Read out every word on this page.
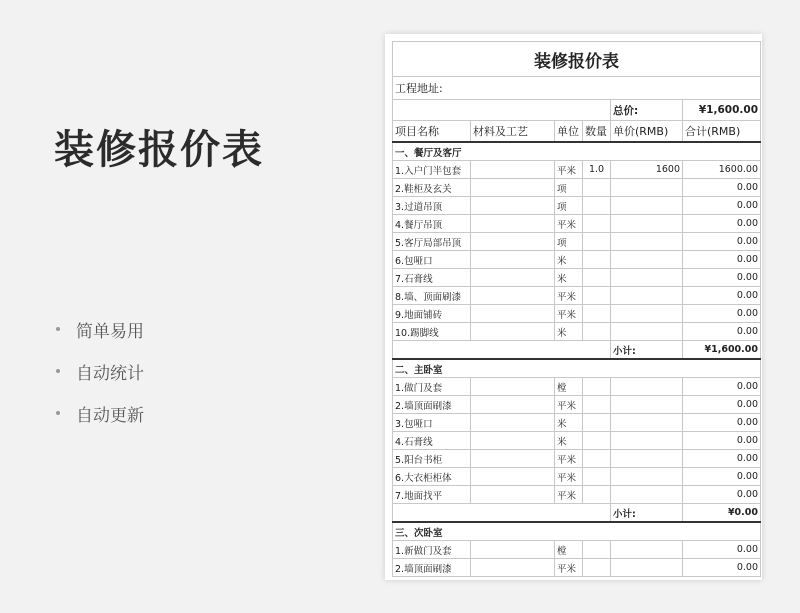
装修报价表
简单易用
自动统计
自动更新
装修报价表					
工程地址:					
				总价:	¥1,600.00
项目名称	材料及工艺	单位	数量	单价(RMB)	合计(RMB)
一、餐厅及客厅					
1.入户门半包套		平米	1.0	1600	1600.00
2.鞋柜及玄关		项			0.00
3.过道吊顶		项			0.00
4.餐厅吊顶		平米			0.00
5.客厅局部吊顶		项			0.00
6.包哑口		米			0.00
7.石膏线		米			0.00
8.墙、顶面刷漆		平米			0.00
9.地面铺砖		平米			0.00
10.踢脚线		米			0.00
				小计:	¥1,600.00
二、主卧室					
1.做门及套		樘			0.00
2.墙顶面刷漆		平米			0.00
3.包哑口		米			0.00
4.石膏线		米			0.00
5.阳台书柜		平米			0.00
6.大衣柜柜体		平米			0.00
7.地面找平		平米			0.00
				小计:	¥0.00
三、次卧室					
1.新做门及套		樘			0.00
2.墙顶面刷漆		平米			0.00
